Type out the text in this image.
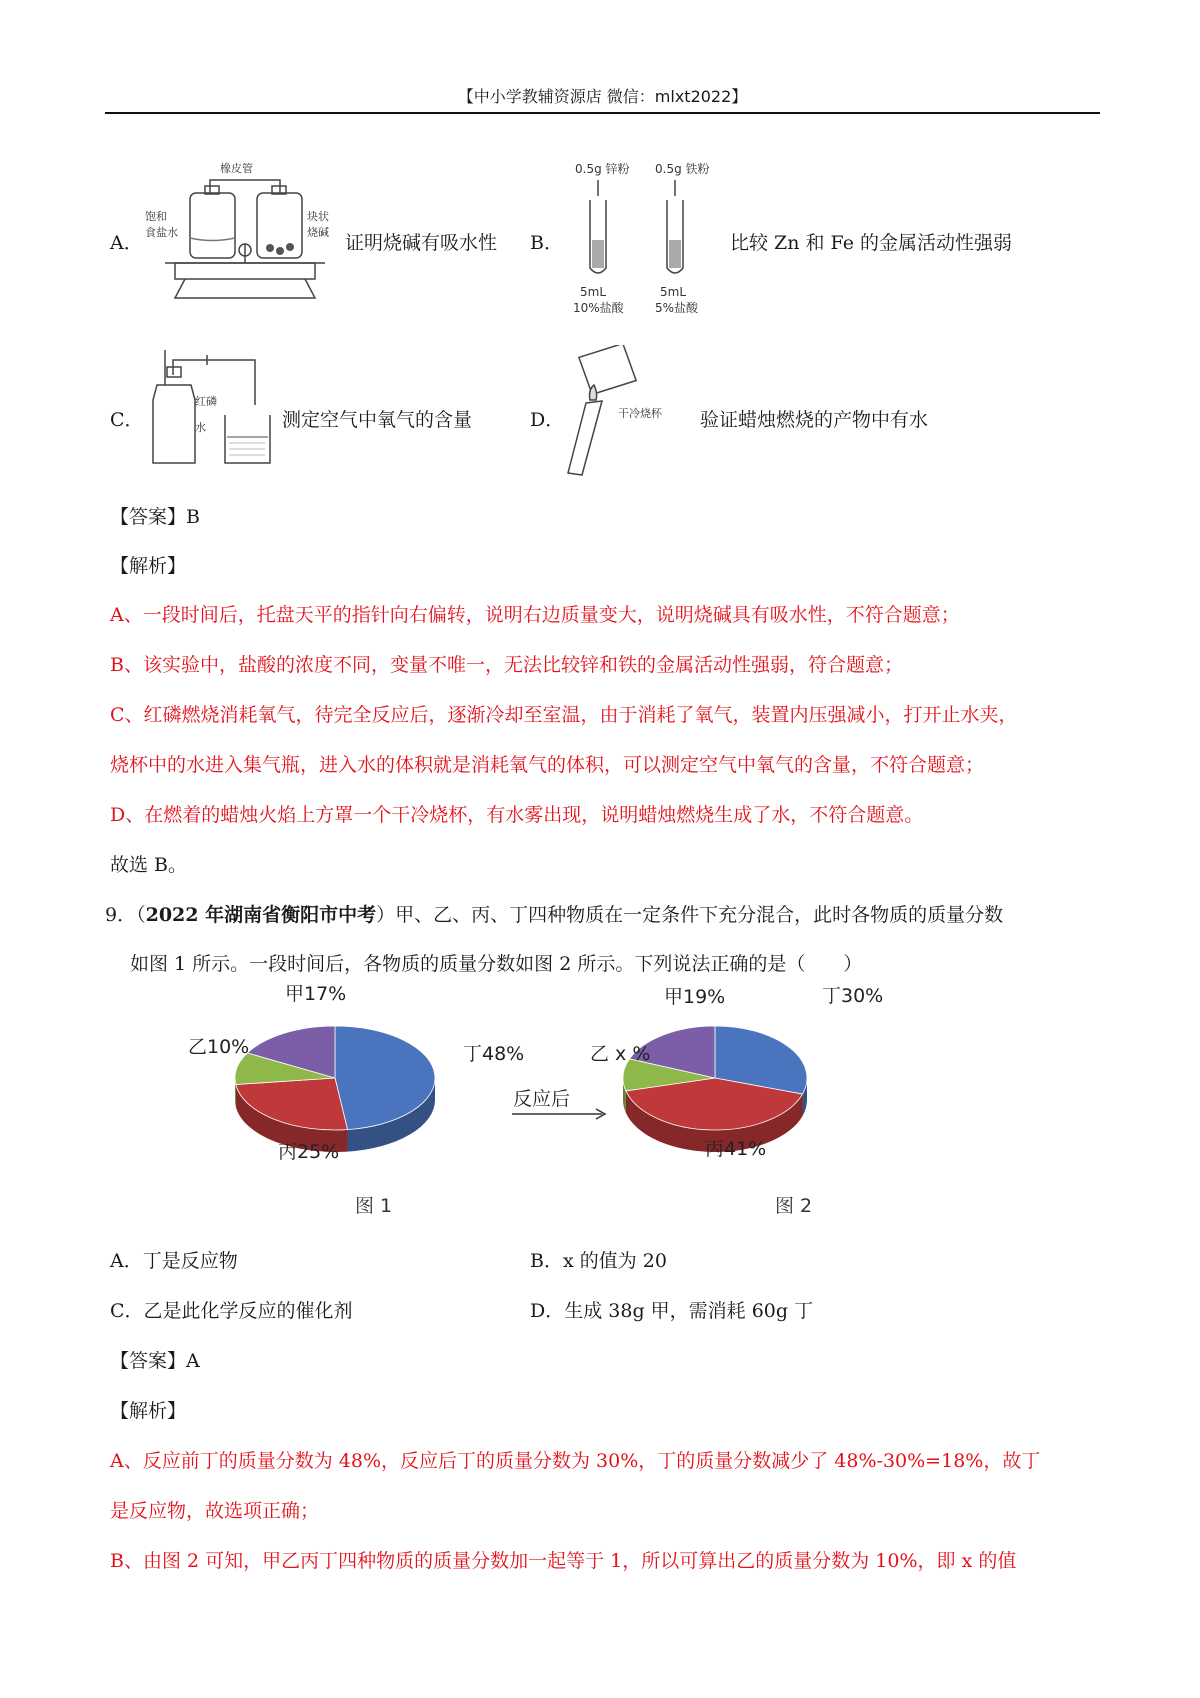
【中小学教辅资源店 微信：mlxt2022】
A．
橡皮管
饱和
食盐水
块状
烧碱 证明烧碱有吸水性 B．
0.5g 锌粉 0.5g 铁粉
5mL
10%盐酸
5mL
5%盐酸
比较 Zn 和 Fe 的金属活动性强弱
C．
红磷
水	测定空气中氧气的含量	D．	干冷烧杯 验证蜡烛燃烧的产物中有水
【答案】B
【解析】
A、一段时间后，托盘天平的指针向右偏转，说明右边质量变大，说明烧碱具有吸水性，不符合题意；
B、该实验中，盐酸的浓度不同，变量不唯一，无法比较锌和铁的金属活动性强弱，符合题意；
C、红磷燃烧消耗氧气，待完全反应后，逐渐冷却至室温，由于消耗了氧气，装置内压强减小，打开止水夹，
烧杯中的水进入集气瓶，进入水的体积就是消耗氧气的体积，可以测定空气中氧气的含量，不符合题意；
D、在燃着的蜡烛火焰上方罩一个干冷烧杯，有水雾出现，说明蜡烛燃烧生成了水，不符合题意。
故选 B。
9．（2022 年湖南省衡阳市中考）甲、乙、丙、丁四种物质在一定条件下充分混合，此时各物质的质量分数
如图 1 所示。一段时间后，各物质的质量分数如图 2 所示。下列说法正确的是（　　）
甲17%
乙10%	丁48%
丙25%
反应后
甲19%
乙 x %
丁30%
丙41%
图 1	图 2
A．丁是反应物	B．x 的值为 20
C．乙是此化学反应的催化剂	D．生成 38g 甲，需消耗 60g 丁
【答案】A
【解析】
A、反应前丁的质量分数为 48%，反应后丁的质量分数为 30%，丁的质量分数减少了 48%-30%=18%，故丁
是反应物，故选项正确；
B、由图 2 可知，甲乙丙丁四种物质的质量分数加一起等于 1，所以可算出乙的质量分数为 10%，即 x 的值
